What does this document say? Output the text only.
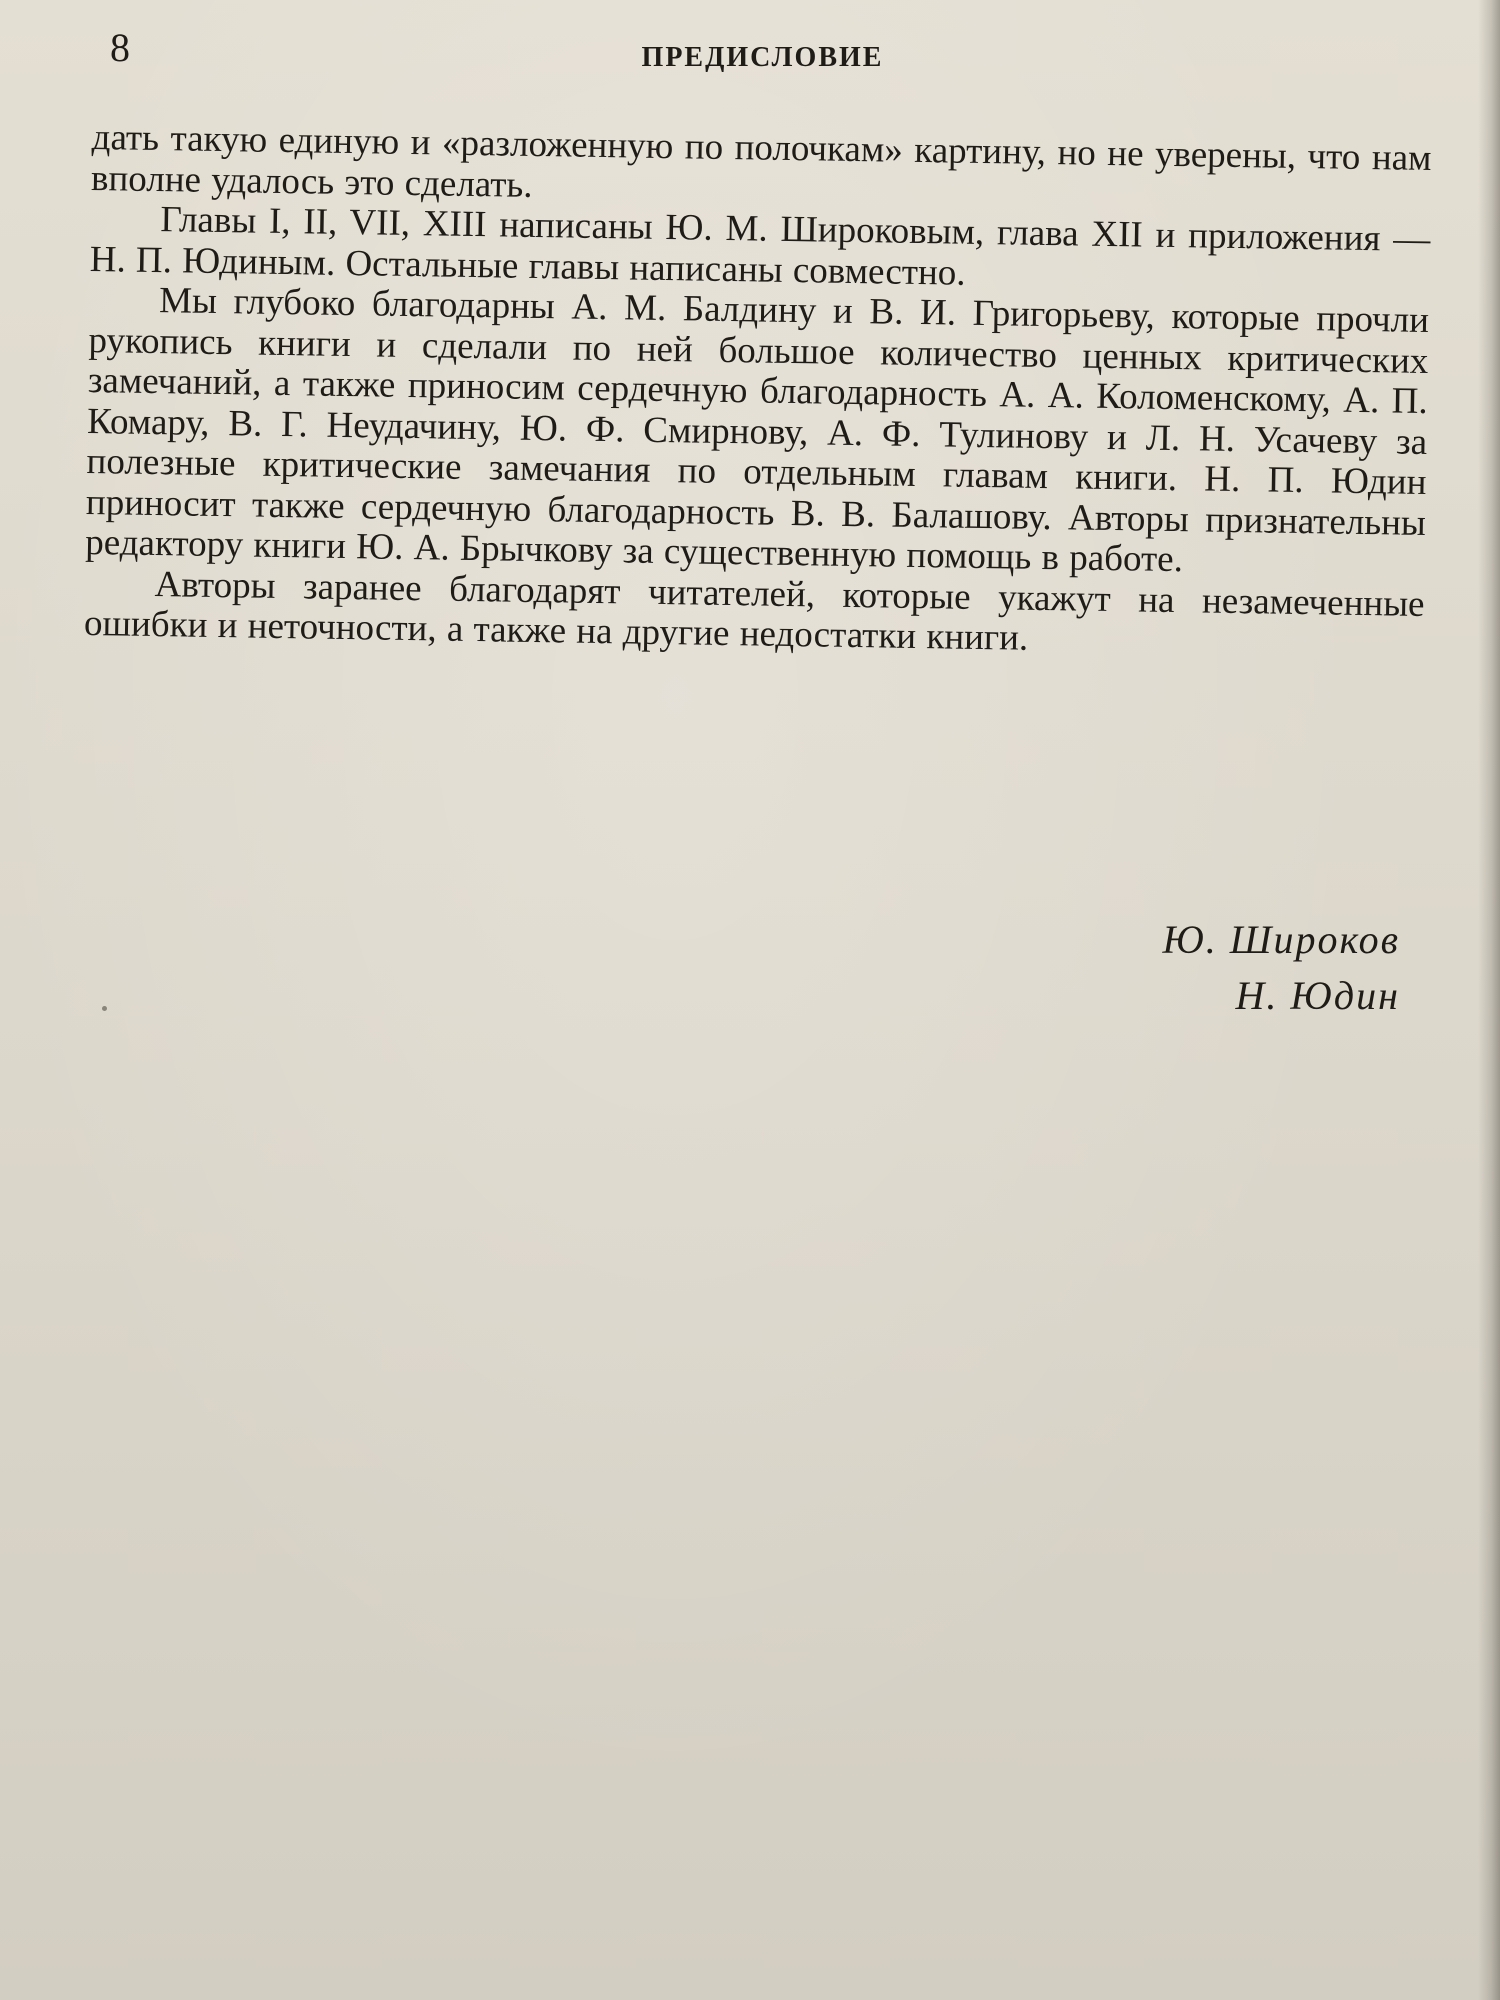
8	ПРЕДИСЛОВИЕ

дать такую единую и «разложенную по полочкам» картину, но не уверены, что нам вполне удалось это сделать.

Главы I, II, VII, XIII написаны Ю. М. Широковым, глава XII и приложения — Н. П. Юдиным. Остальные главы написаны совместно.

Мы глубоко благодарны А. М. Балдину и В. И. Григорьеву, которые прочли рукопись книги и сделали по ней большое количество ценных критических замечаний, а также приносим сердечную благодарность А. А. Коломенскому, А. П. Комару, В. Г. Неудачину, Ю. Ф. Смирнову, А. Ф. Тулинову и Л. Н. Усачеву за полезные критические замечания по отдельным главам книги. Н. П. Юдин приносит также сердечную благодарность В. В. Балашову. Авторы признательны редактору книги Ю. А. Брычкову за существенную помощь в работе.

Авторы заранее благодарят читателей, которые укажут на незамеченные ошибки и неточности, а также на другие недостатки книги.

Ю. Широков
Н. Юдин
